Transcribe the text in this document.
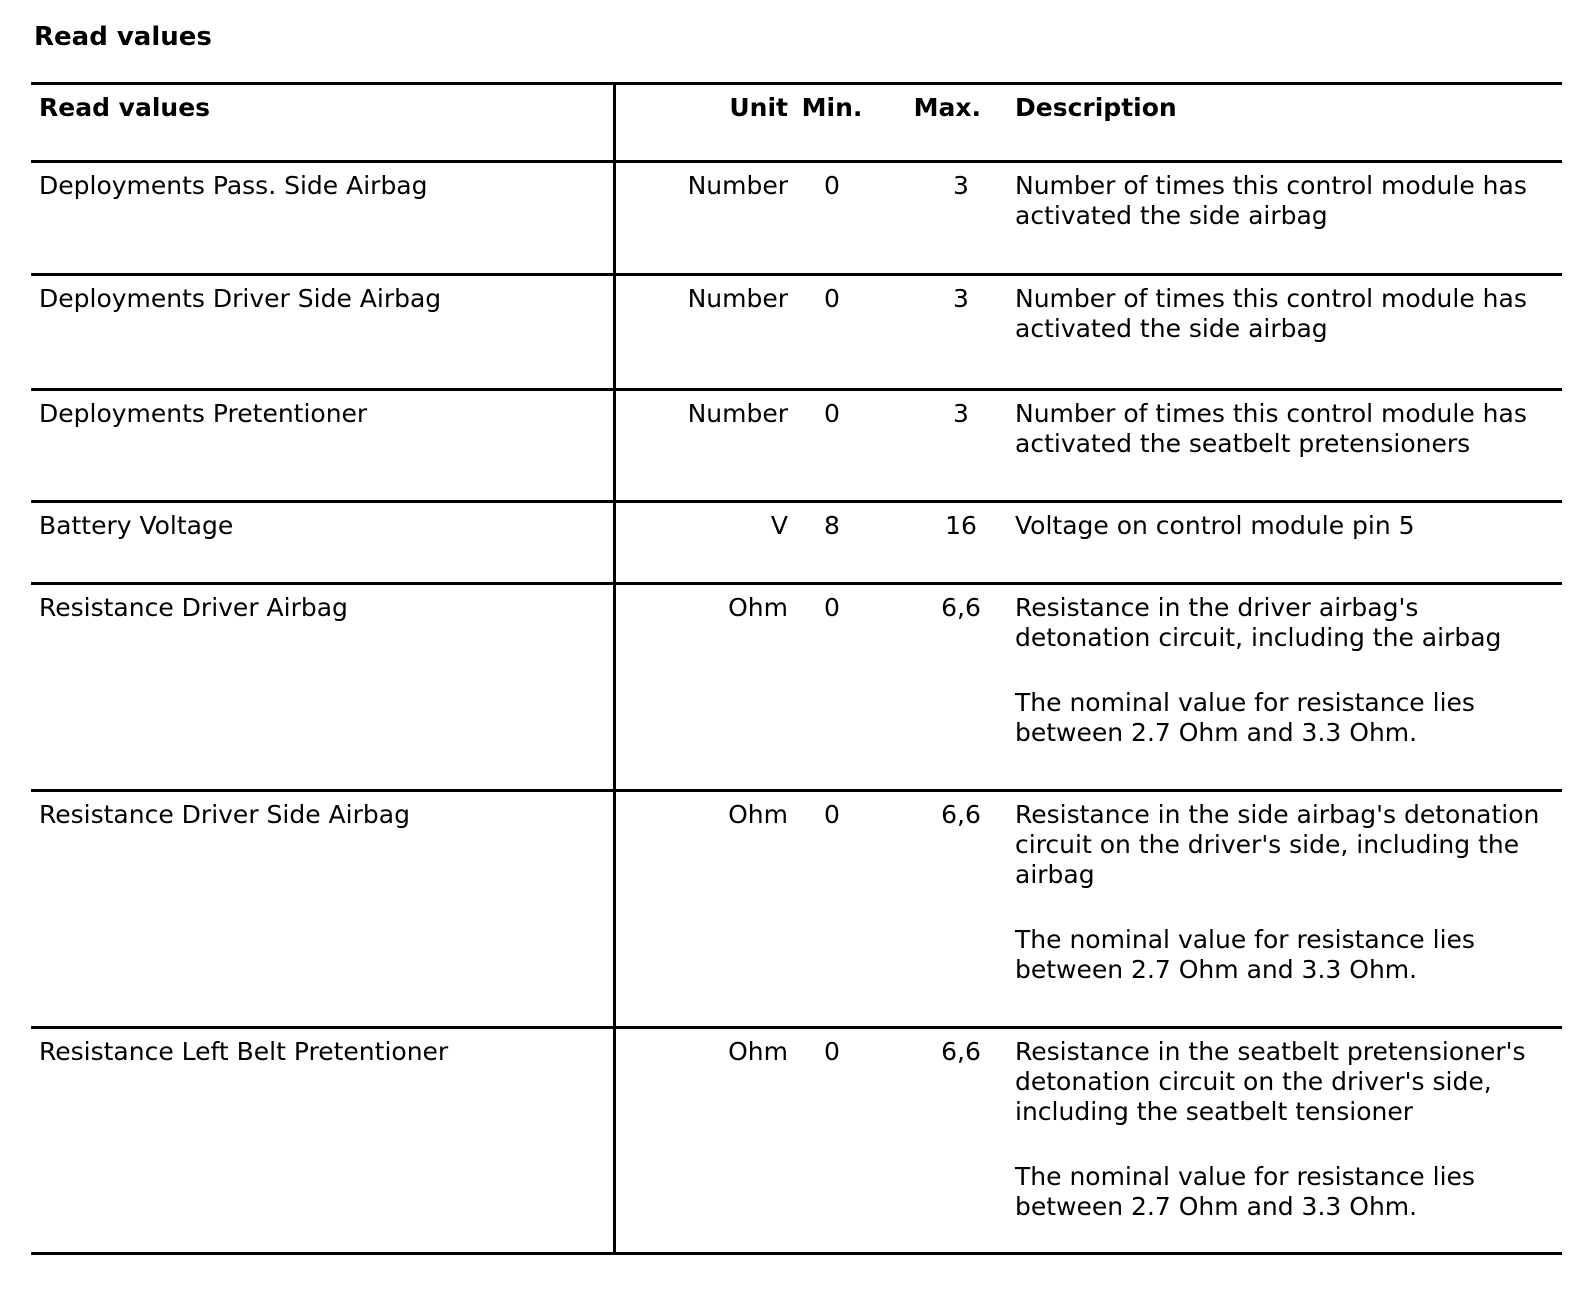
Read values
Read values	Unit	Min.	Max.	Description
Deployments Pass. Side Airbag	Number	0	3	Number of times this control module has activated the side airbag

Deployments Driver Side Airbag	Number	0	3	Number of times this control module has activated the side airbag

Deployments Pretentioner	Number	0	3	Number of times this control module has activated the seatbelt pretensioners

Battery Voltage	V	8	16	Voltage on control module pin 5

Resistance Driver Airbag	Ohm	0	6,6	Resistance in the driver airbag's detonation circuit, including the airbag

The nominal value for resistance lies between 2.7 Ohm and 3.3 Ohm.

Resistance Driver Side Airbag	Ohm	0	6,6	Resistance in the side airbag's detonation circuit on the driver's side, including the airbag

The nominal value for resistance lies between 2.7 Ohm and 3.3 Ohm.

Resistance Left Belt Pretentioner	Ohm	0	6,6	Resistance in the seatbelt pretensioner's detonation circuit on the driver's side, including the seatbelt tensioner

The nominal value for resistance lies between 2.7 Ohm and 3.3 Ohm.
